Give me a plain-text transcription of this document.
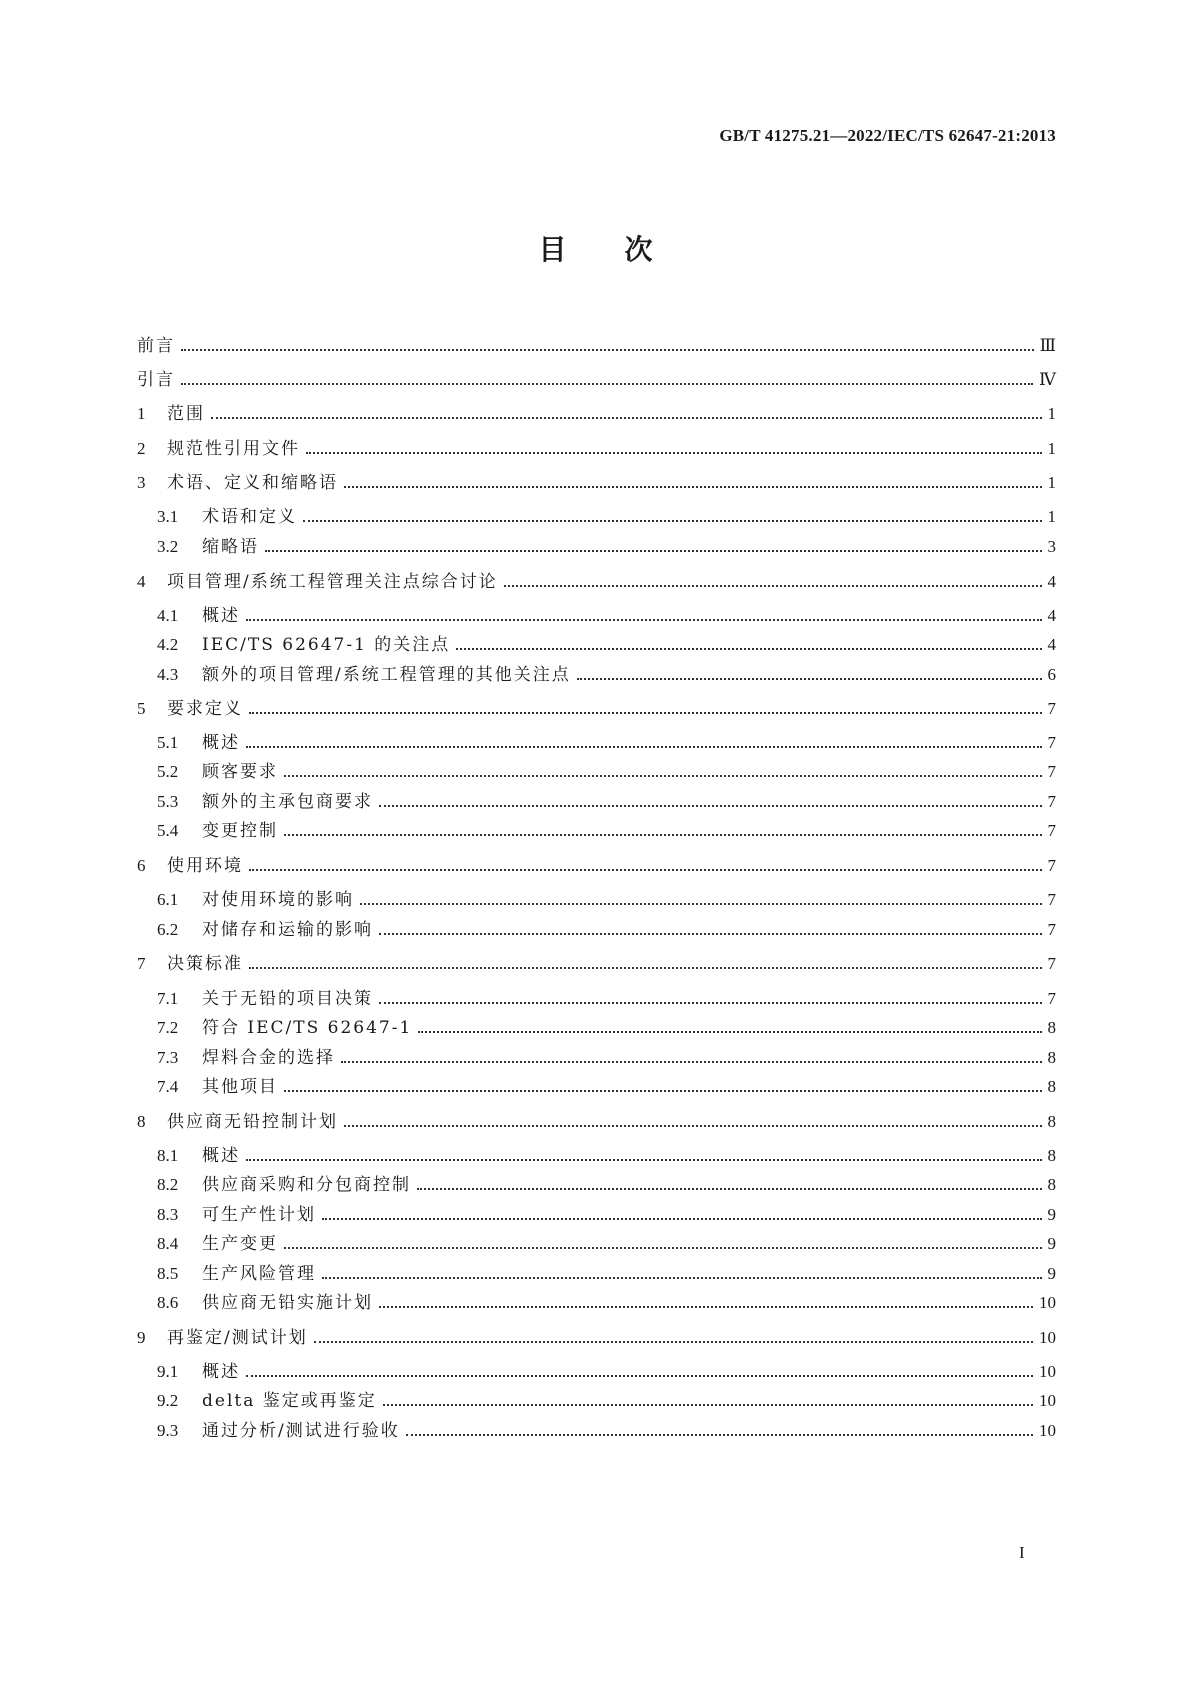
GB/T 41275.21—2022/IEC/TS 62647-21:2013
目次
前言	Ⅲ
引言	Ⅳ
1	范围	1
2	规范性引用文件	1
3	术语、定义和缩略语	1
3.1	术语和定义	1
3.2	缩略语	3
4	项目管理/系统工程管理关注点综合讨论	4
4.1	概述	4
4.2	IEC/TS 62647-1 的关注点	4
4.3	额外的项目管理/系统工程管理的其他关注点	6
5	要求定义	7
5.1	概述	7
5.2	顾客要求	7
5.3	额外的主承包商要求	7
5.4	变更控制	7
6	使用环境	7
6.1	对使用环境的影响	7
6.2	对储存和运输的影响	7
7	决策标准	7
7.1	关于无铅的项目决策	7
7.2	符合 IEC/TS 62647-1	8
7.3	焊料合金的选择	8
7.4	其他项目	8
8	供应商无铅控制计划	8
8.1	概述	8
8.2	供应商采购和分包商控制	8
8.3	可生产性计划	9
8.4	生产变更	9
8.5	生产风险管理	9
8.6	供应商无铅实施计划	10
9	再鉴定/测试计划	10
9.1	概述	10
9.2	delta 鉴定或再鉴定	10
9.3	通过分析/测试进行验收	10
I
